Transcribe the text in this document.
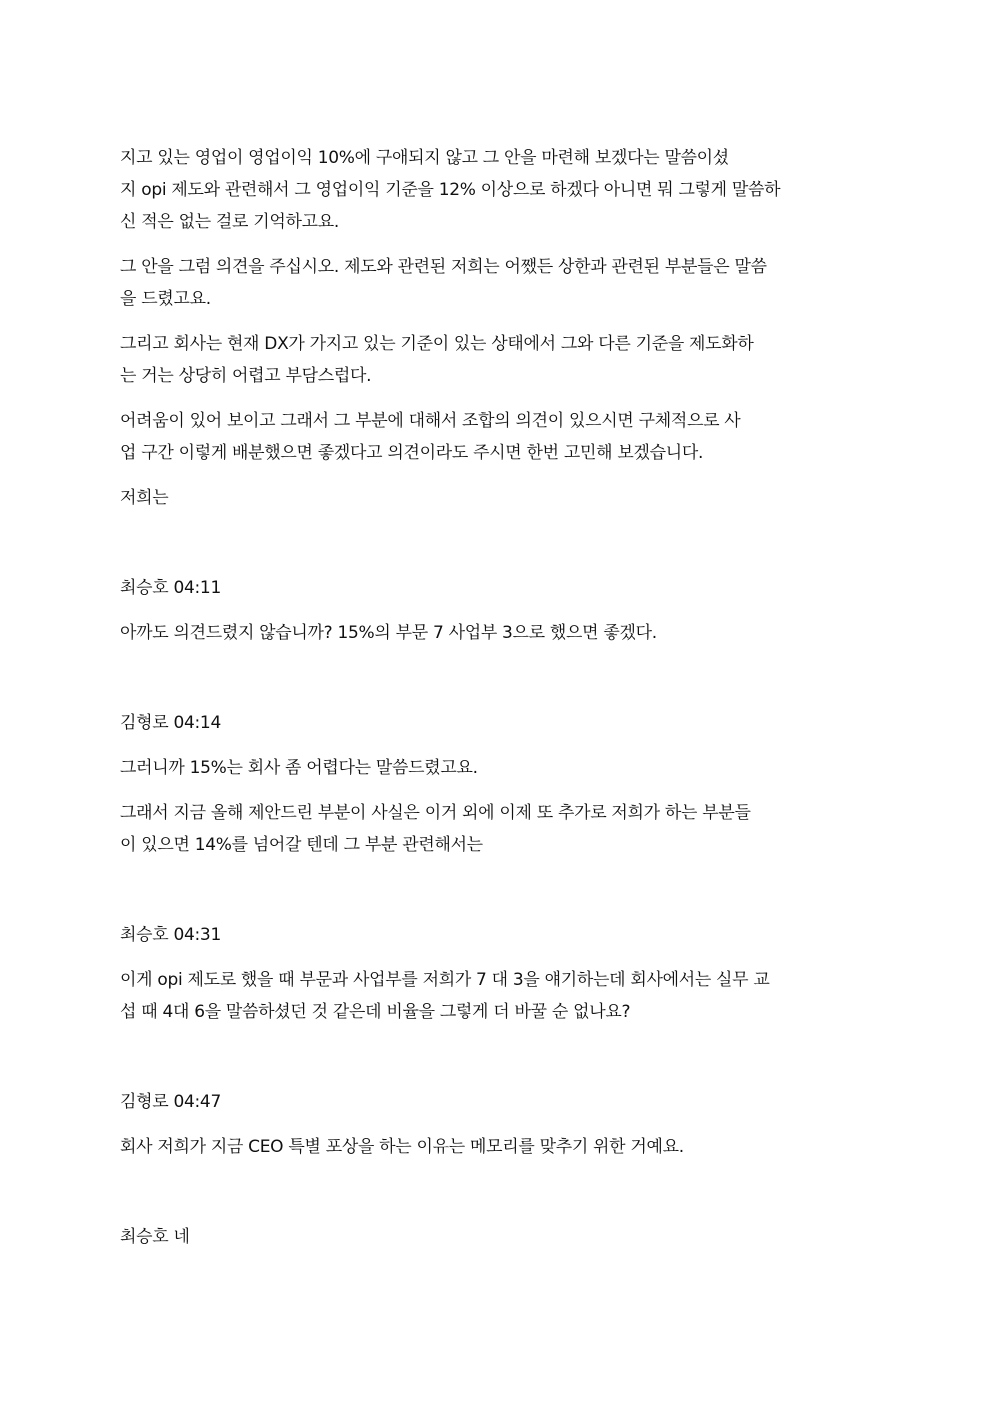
지고 있는 영업이 영업이익 10%에 구애되지 않고 그 안을 마련해 보겠다는 말씀이셨
지 opi 제도와 관련해서 그 영업이익 기준을 12% 이상으로 하겠다 아니면 뭐 그렇게 말씀하
신 적은 없는 걸로 기억하고요.
그 안을 그럼 의견을 주십시오. 제도와 관련된 저희는 어쨌든 상한과 관련된 부분들은 말씀
을 드렸고요.
그리고 회사는 현재 DX가 가지고 있는 기준이 있는 상태에서 그와 다른 기준을 제도화하
는 거는 상당히 어렵고 부담스럽다.
어려움이 있어 보이고 그래서 그 부분에 대해서 조합의 의견이 있으시면 구체적으로 사
업 구간 이렇게 배분했으면 좋겠다고 의견이라도 주시면 한번 고민해 보겠습니다.
저희는
최승호 04:11
아까도 의견드렸지 않습니까? 15%의 부문 7 사업부 3으로 했으면 좋겠다.
김형로 04:14
그러니까 15%는 회사 좀 어렵다는 말씀드렸고요.
그래서 지금 올해 제안드린 부분이 사실은 이거 외에 이제 또 추가로 저희가 하는 부분들
이 있으면 14%를 넘어갈 텐데 그 부분 관련해서는
최승호 04:31
이게 opi 제도로 했을 때 부문과 사업부를 저희가 7 대 3을 얘기하는데 회사에서는 실무 교
섭 때 4대 6을 말씀하셨던 것 같은데 비율을 그렇게 더 바꿀 순 없나요?
김형로 04:47
회사 저희가 지금 CEO 특별 포상을 하는 이유는 메모리를 맞추기 위한 거예요.
최승호 네
